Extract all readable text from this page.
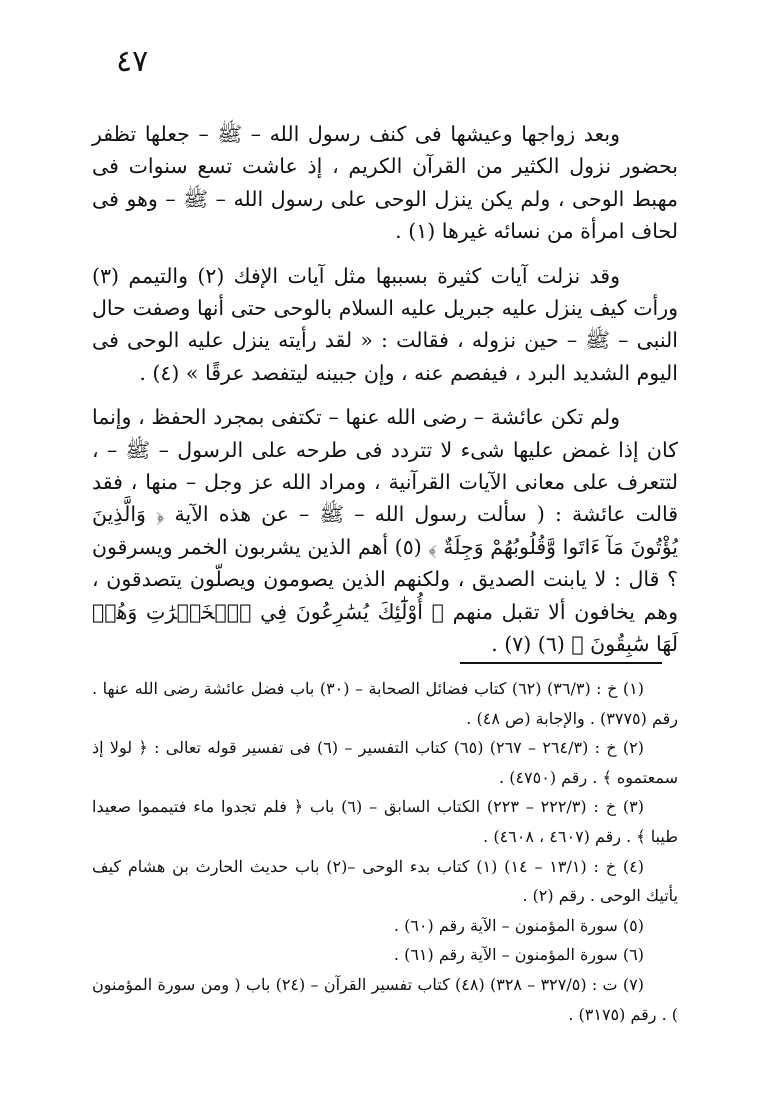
٤٧

وبعد زواجها وعيشها فى كنف رسول الله – ﷺ – جعلها تظفر بحضور نزول الكثير من القرآن الكريم ، إذ عاشت تسع سنوات فى مهبط الوحى ، ولم يكن ينزل الوحى على رسول الله – ﷺ – وهو فى لحاف امرأة من نسائه غيرها (١) .

وقد نزلت آيات كثيرة بسببها مثل آيات الإفك (٢) والتيمم (٣) ورأت كيف ينزل عليه جبريل عليه السلام بالوحى حتى أنها وصفت حال النبى – ﷺ – حين نزوله ، فقالت : « لقد رأيته ينزل عليه الوحى فى اليوم الشديد البرد ، فيفصم عنه ، وإن جبينه ليتفصد عرقًا » (٤) .

ولم تكن عائشة – رضى الله عنها – تكتفى بمجرد الحفظ ، وإنما كان إذا غمض عليها شىء لا تتردد فى طرحه على الرسول – ﷺ – ، لتتعرف على معانى الآيات القرآنية ، ومراد الله عز وجل – منها ، فقد قالت عائشة : ( سألت رسول الله – ﷺ – عن هذه الآية ﴿ وَالَّذِينَ يُؤْتُونَ مَآ ءَاتَوا وَّقُلُوبُهُمْ وَجِلَةٌ ﴾ (٥) أهم الذين يشربون الخمر ويسرقون ؟ قال : لا يابنت الصديق ، ولكنهم الذين يصومون ويصلّون يتصدقون ، وهم يخافون ألا تقبل منهم ﴿ أُوْلَٰٓئِكَ يُسَٰرِعُونَ فِي ٱلۡخَيۡرَٰتِ وَهُمۡ لَهَا سَٰبِقُونَ ﴾ (٦) (٧) .

(١) خ : (٣٦/٣) (٦٢) كتاب فضائل الصحابة – (٣٠) باب فضل عائشة رضى الله عنها . رقم (٣٧٧٥) . والإجابة (ص ٤٨) .

(٢) خ : (٢٦٤/٣ – ٢٦٧) (٦٥) كتاب التفسير – (٦) فى تفسير قوله تعالى : ﴿ لولا إذ سمعتموه ﴾ . رقم (٤٧٥٠) .

(٣) خ : (٢٢٢/٣ – ٢٢٣) الكتاب السابق – (٦) باب ﴿ فلم تجدوا ماء فتيمموا صعيدا طيبا ﴾ . رقم (٤٦٠٧ ، ٤٦٠٨) .

(٤) خ : (١٣/١ – ١٤) (١) كتاب بدء الوحى –(٢) باب حديث الحارث بن هشام كيف يأتيك الوحى . رقم (٢) .

(٥) سورة المؤمنون – الآية رقم (٦٠) .

(٦) سورة المؤمنون – الآية رقم (٦١) .

(٧) ت : (٣٢٧/٥ – ٣٢٨) (٤٨) كتاب تفسير القرآن – (٢٤) باب ( ومن سورة المؤمنون ) . رقم (٣١٧٥) .
